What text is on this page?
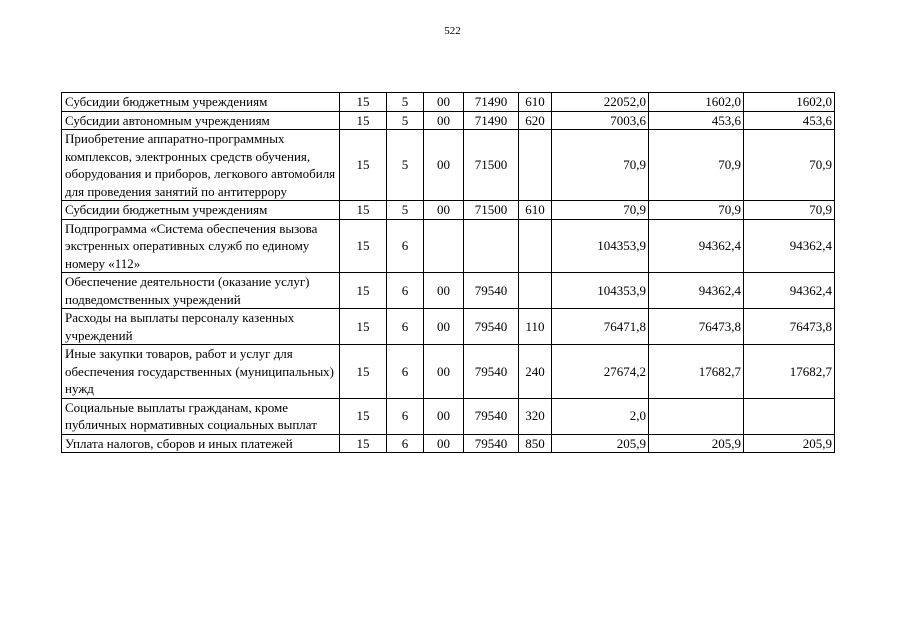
522
Субсидии бюджетным учреждениям	15	5	00	71490	610	22052,0	1602,0	1602,0
Субсидии автономным учреждениям	15	5	00	71490	620	7003,6	453,6	453,6
Приобретение аппаратно-программных комплексов, электронных средств обучения, оборудования и приборов, легкового автомобиля для проведения занятий по антитеррору	15	5	00	71500		70,9	70,9	70,9
Субсидии бюджетным учреждениям	15	5	00	71500	610	70,9	70,9	70,9
Подпрограмма «Система обеспечения вызова экстренных оперативных служб по единому номеру «112»	15	6				104353,9	94362,4	94362,4
Обеспечение деятельности (оказание услуг) подведомственных учреждений	15	6	00	79540		104353,9	94362,4	94362,4
Расходы на выплаты персоналу казенных учреждений	15	6	00	79540	110	76471,8	76473,8	76473,8
Иные закупки товаров, работ и услуг для обеспечения государственных (муниципальных) нужд	15	6	00	79540	240	27674,2	17682,7	17682,7
Социальные выплаты гражданам, кроме публичных нормативных социальных выплат	15	6	00	79540	320	2,0		
Уплата налогов, сборов и иных платежей	15	6	00	79540	850	205,9	205,9	205,9
